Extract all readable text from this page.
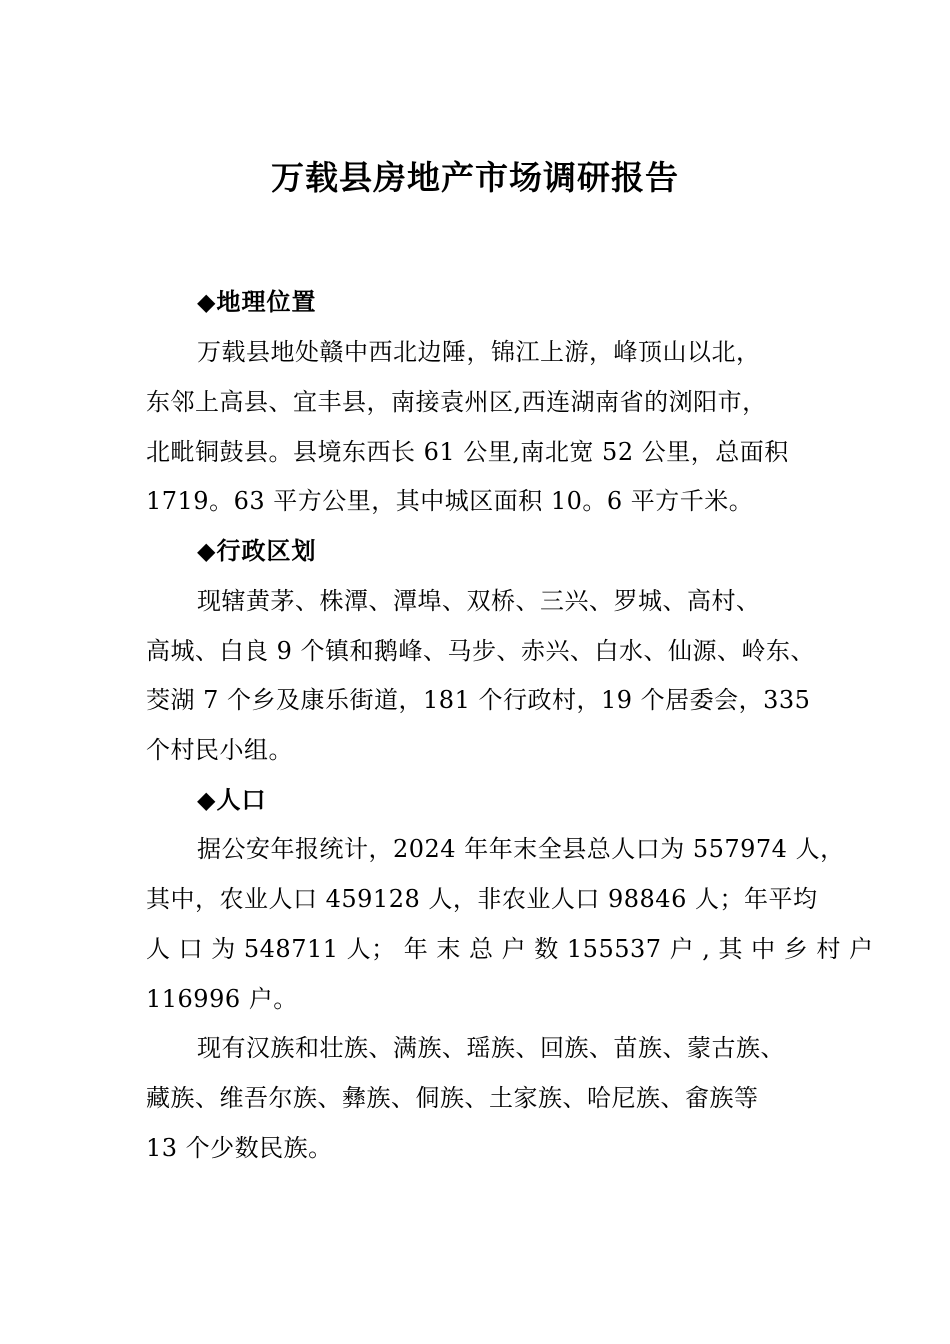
万载县房地产市场调研报告
◆地理位置
万载县地处赣中西北边陲，锦江上游，峰顶山以北，
东邻上高县、宜丰县，南接袁州区,西连湖南省的浏阳市，
北毗铜鼓县。县境东西长 61 公里,南北宽 52 公里，总面积
1719。63 平方公里，其中城区面积 10。6 平方千米。
◆行政区划
现辖黄茅、株潭、潭埠、双桥、三兴、罗城、高村、
高城、白良 9 个镇和鹅峰、马步、赤兴、白水、仙源、岭东、
茭湖 7 个乡及康乐街道，181 个行政村，19 个居委会，335
个村民小组。
◆人口
据公安年报统计，2024 年年末全县总人口为 557974 人，
其中，农业人口 459128 人，非农业人口 98846 人；年平均
人 口 为 548711 人； 年 末 总 户 数 155537 户 , 其 中 乡 村 户
116996 户。
现有汉族和壮族、满族、瑶族、回族、苗族、蒙古族、
藏族、维吾尔族、彝族、侗族、土家族、哈尼族、畲族等
13 个少数民族。
